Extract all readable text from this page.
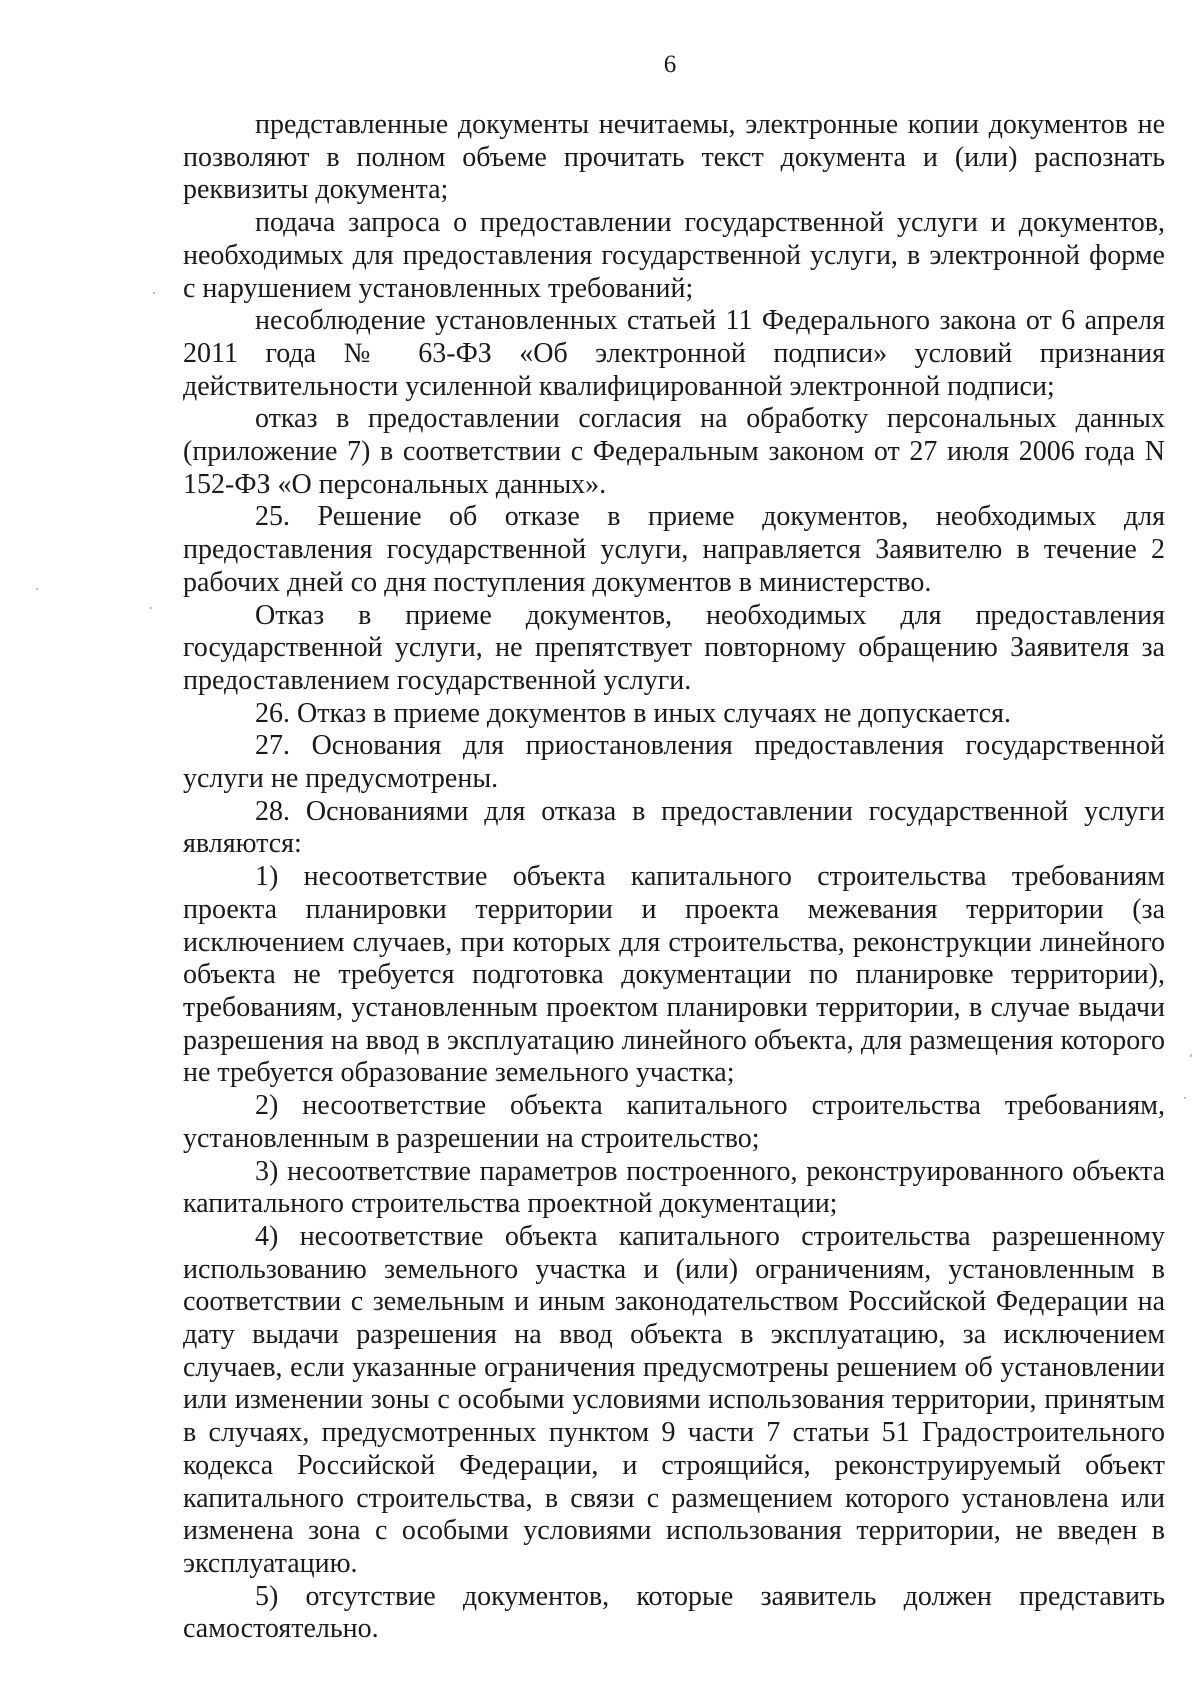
6

представленные документы нечитаемы, электронные копии документов не позволяют в полном объеме прочитать текст документа и (или) распознать реквизиты документа;

подача запроса о предоставлении государственной услуги и документов, необходимых для предоставления государственной услуги, в электронной форме с нарушением установленных требований;

несоблюдение установленных статьей 11 Федерального закона от 6 апреля 2011 года № 63-ФЗ «Об электронной подписи» условий признания действительности усиленной квалифицированной электронной подписи;

отказ в предоставлении согласия на обработку персональных данных (приложение 7) в соответствии с Федеральным законом от 27 июля 2006 года N 152-ФЗ «О персональных данных».

25. Решение об отказе в приеме документов, необходимых для предоставления государственной услуги, направляется Заявителю в течение 2 рабочих дней со дня поступления документов в министерство.

Отказ в приеме документов, необходимых для предоставления государственной услуги, не препятствует повторному обращению Заявителя за предоставлением государственной услуги.

26. Отказ в приеме документов в иных случаях не допускается.

27. Основания для приостановления предоставления государственной услуги не предусмотрены.

28. Основаниями для отказа в предоставлении государственной услуги являются:

1) несоответствие объекта капитального строительства требованиям проекта планировки территории и проекта межевания территории (за исключением случаев, при которых для строительства, реконструкции линейного объекта не требуется подготовка документации по планировке территории), требованиям, установленным проектом планировки территории, в случае выдачи разрешения на ввод в эксплуатацию линейного объекта, для размещения которого не требуется образование земельного участка;

2) несоответствие объекта капитального строительства требованиям, установленным в разрешении на строительство;

3) несоответствие параметров построенного, реконструированного объекта капитального строительства проектной документации;

4) несоответствие объекта капитального строительства разрешенному использованию земельного участка и (или) ограничениям, установленным в соответствии с земельным и иным законодательством Российской Федерации на дату выдачи разрешения на ввод объекта в эксплуатацию, за исключением случаев, если указанные ограничения предусмотрены решением об установлении или изменении зоны с особыми условиями использования территории, принятым в случаях, предусмотренных пунктом 9 части 7 статьи 51 Градостроительного кодекса Российской Федерации, и строящийся, реконструируемый объект капитального строительства, в связи с размещением которого установлена или изменена зона с особыми условиями использования территории, не введен в эксплуатацию.

5) отсутствие документов, которые заявитель должен представить самостоятельно.
